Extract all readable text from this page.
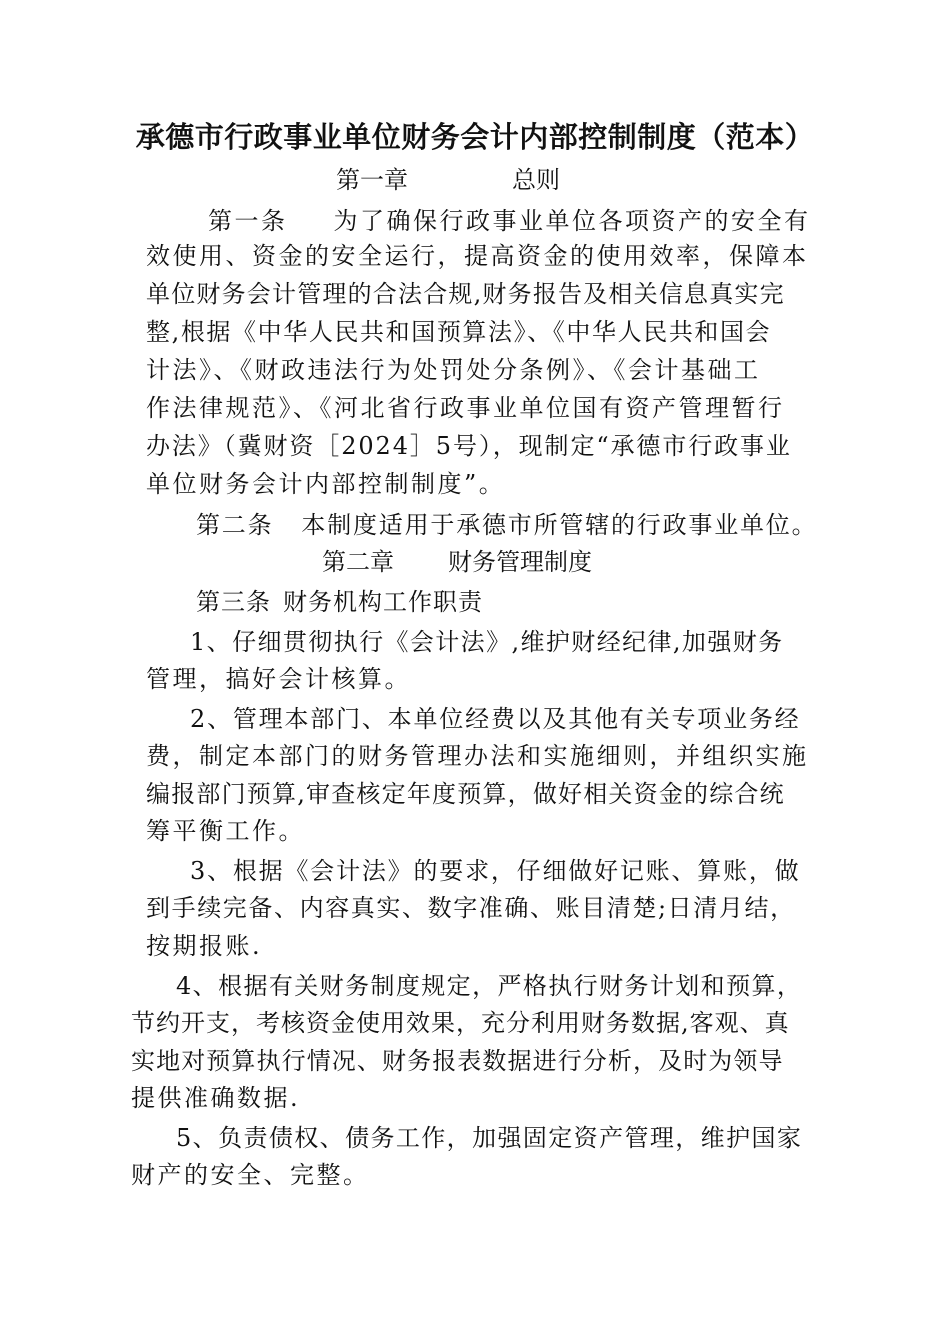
承德市行政事业单位财务会计内部控制制度（范本）
第一章	总则
第一条 为了确保行政事业单位各项资产的安全有
效使用、资金的安全运行，提高资金的使用效率，保障本
单位财务会计管理的合法合规,财务报告及相关信息真实完
整,根据《中华人民共和国预算法》、《中华人民共和国会
计法》、《财政违法行为处罚处分条例》、《会计基础工
作法律规范》、《河北省行政事业单位国有资产管理暂行
办法》（冀财资［2024］5号），现制定“承德市行政事业
单位财务会计内部控制制度”。
第二条 本制度适用于承德市所管辖的行政事业单位。
第二章 财务管理制度
第三条 财务机构工作职责
1、仔细贯彻执行《会计法》,维护财经纪律,加强财务
管理，搞好会计核算。
2、管理本部门、本单位经费以及其他有关专项业务经
费，制定本部门的财务管理办法和实施细则，并组织实施
编报部门预算,审查核定年度预算，做好相关资金的综合统
筹平衡工作。
3、根据《会计法》的要求，仔细做好记账、算账，做
到手续完备、内容真实、数字准确、账目清楚;日清月结，
按期报账.
4、根据有关财务制度规定，严格执行财务计划和预算，
节约开支，考核资金使用效果，充分利用财务数据,客观、真
实地对预算执行情况、财务报表数据进行分析，及时为领导
提供准确数据.
5、负责债权、债务工作，加强固定资产管理，维护国家
财产的安全、完整。
